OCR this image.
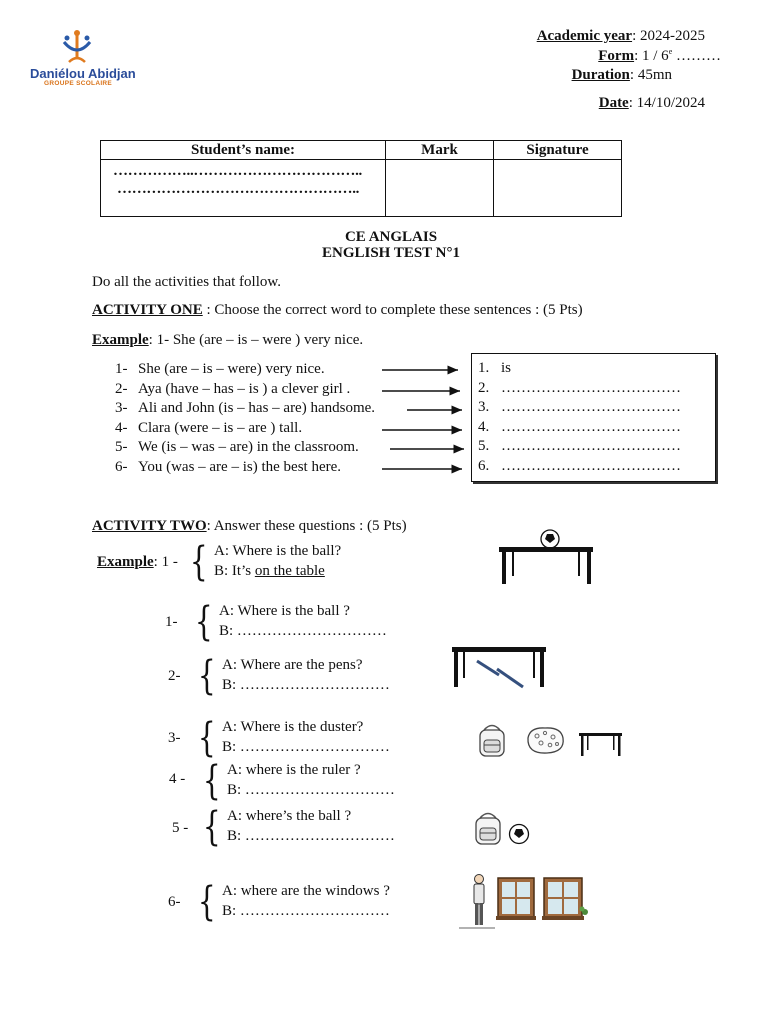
Daniélou Abidjan
GROUPE SCOLAIRE
Academic year: 2024-2025
Form: 1 / 6e ………
Duration: 45mn
Date: 14/10/2024
Student’s name:	Mark	Signature

……………..……………………………..
…………………………………………..		

CE ANGLAIS
ENGLISH TEST N°1
Do all the activities that follow.
ACTIVITY ONE : Choose the correct word to complete these sentences : (5 Pts)
Example: 1- She (are – is – were ) very nice.
1- She (are – is – were) very nice.
2- Aya (have – has – is ) a clever girl .
3- Ali and John (is – has – are) handsome.
4- Clara (were – is – are ) tall.
5- We (is – was – are) in the classroom.
6- You (was – are – is) the best here.
1. is
2. ………………………………
3. ………………………………
4. ………………………………
5. ………………………………
6. ………………………………
ACTIVITY TWO: Answer these questions : (5 Pts)
Example: 1 - { A: Where is the ball?
B: It’s on the table
1- { A: Where is the ball ?
B: …………………………
2- { A: Where are the pens?
B: …………………………
3- { A: Where is the duster?
B: …………………………
4 - { A: where is the ruler ?
B: …………………………
5 - { A: where’s the ball ?
B: …………………………
6- { A: where are the windows ?
B: …………………………
